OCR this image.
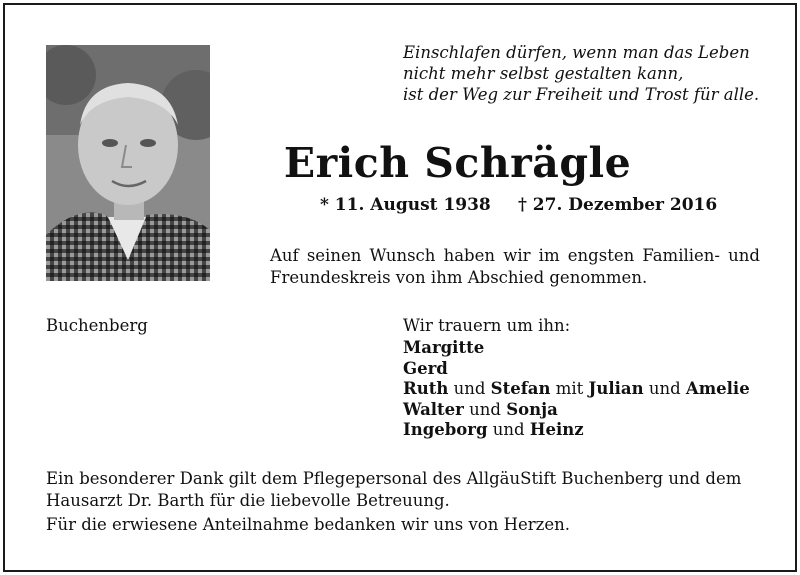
Einschlafen dürfen, wenn man das Leben
nicht mehr selbst gestalten kann,
ist der Weg zur Freiheit und Trost für alle.
Erich Schrägle
* 11. August 1938 † 27. Dezember 2016
Auf seinen Wunsch haben wir im engsten Familien- und Freundeskreis von ihm Abschied genommen.
Buchenberg	Wir trauern um ihn:
Margitte
Gerd
Ruth und Stefan mit Julian und Amelie
Walter und Sonja
Ingeborg und Heinz
Ein besonderer Dank gilt dem Pflegepersonal des AllgäuStift Buchenberg und dem Hausarzt Dr. Barth für die liebevolle Betreuung.
Für die erwiesene Anteilnahme bedanken wir uns von Herzen.
